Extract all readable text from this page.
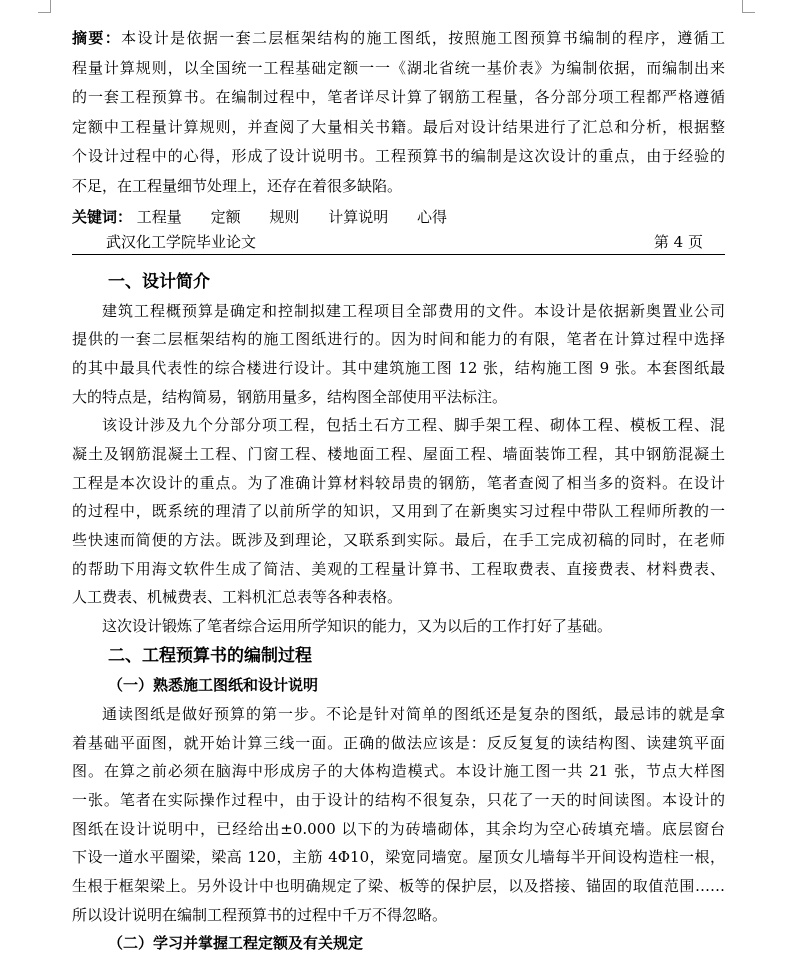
摘要：本设计是依据一套二层框架结构的施工图纸，按照施工图预算书编制的程序，遵循工
程量计算规则，以全国统一工程基础定额一一《湖北省统一基价表》为编制依据，而编制出来
的一套工程预算书。在编制过程中，笔者详尽计算了钢筋工程量，各分部分项工程都严格遵循
定额中工程量计算规则，并查阅了大量相关书籍。最后对设计结果进行了汇总和分析，根据整
个设计过程中的心得，形成了设计说明书。工程预算书的编制是这次设计的重点，由于经验的
不足，在工程量细节处理上，还存在着很多缺陷。
关键词： 工程量 定额 规则 计算说明 心得
武汉化工学院毕业论文	第 4 页
一、设计简介
建筑工程概预算是确定和控制拟建工程项目全部费用的文件。本设计是依据新奥置业公司
提供的一套二层框架结构的施工图纸进行的。因为时间和能力的有限，笔者在计算过程中选择
的其中最具代表性的综合楼进行设计。其中建筑施工图 12 张，结构施工图 9 张。本套图纸最
大的特点是，结构简易，钢筋用量多，结构图全部使用平法标注。
该设计涉及九个分部分项工程，包括土石方工程、脚手架工程、砌体工程、模板工程、混
凝土及钢筋混凝土工程、门窗工程、楼地面工程、屋面工程、墙面装饰工程，其中钢筋混凝土
工程是本次设计的重点。为了准确计算材料较昂贵的钢筋，笔者查阅了相当多的资料。在设计
的过程中，既系统的理清了以前所学的知识，又用到了在新奥实习过程中带队工程师所教的一
些快速而简便的方法。既涉及到理论，又联系到实际。最后，在手工完成初稿的同时，在老师
的帮助下用海文软件生成了简洁、美观的工程量计算书、工程取费表、直接费表、材料费表、
人工费表、机械费表、工料机汇总表等各种表格。
这次设计锻炼了笔者综合运用所学知识的能力，又为以后的工作打好了基础。
二、工程预算书的编制过程
（一）熟悉施工图纸和设计说明
通读图纸是做好预算的第一步。不论是针对简单的图纸还是复杂的图纸，最忌讳的就是拿
着基础平面图，就开始计算三线一面。正确的做法应该是：反反复复的读结构图、读建筑平面
图。在算之前必须在脑海中形成房子的大体构造模式。本设计施工图一共 21 张，节点大样图
一张。笔者在实际操作过程中，由于设计的结构不很复杂，只花了一天的时间读图。本设计的
图纸在设计说明中，已经给出±0.000 以下的为砖墙砌体，其余均为空心砖填充墙。底层窗台
下设一道水平圈梁，梁高 120，主筋 4Φ10，梁宽同墙宽。屋顶女儿墙每半开间设构造柱一根，
生根于框架梁上。另外设计中也明确规定了梁、板等的保护层，以及搭接、锚固的取值范围……
所以设计说明在编制工程预算书的过程中千万不得忽略。
（二）学习并掌握工程定额及有关规定
